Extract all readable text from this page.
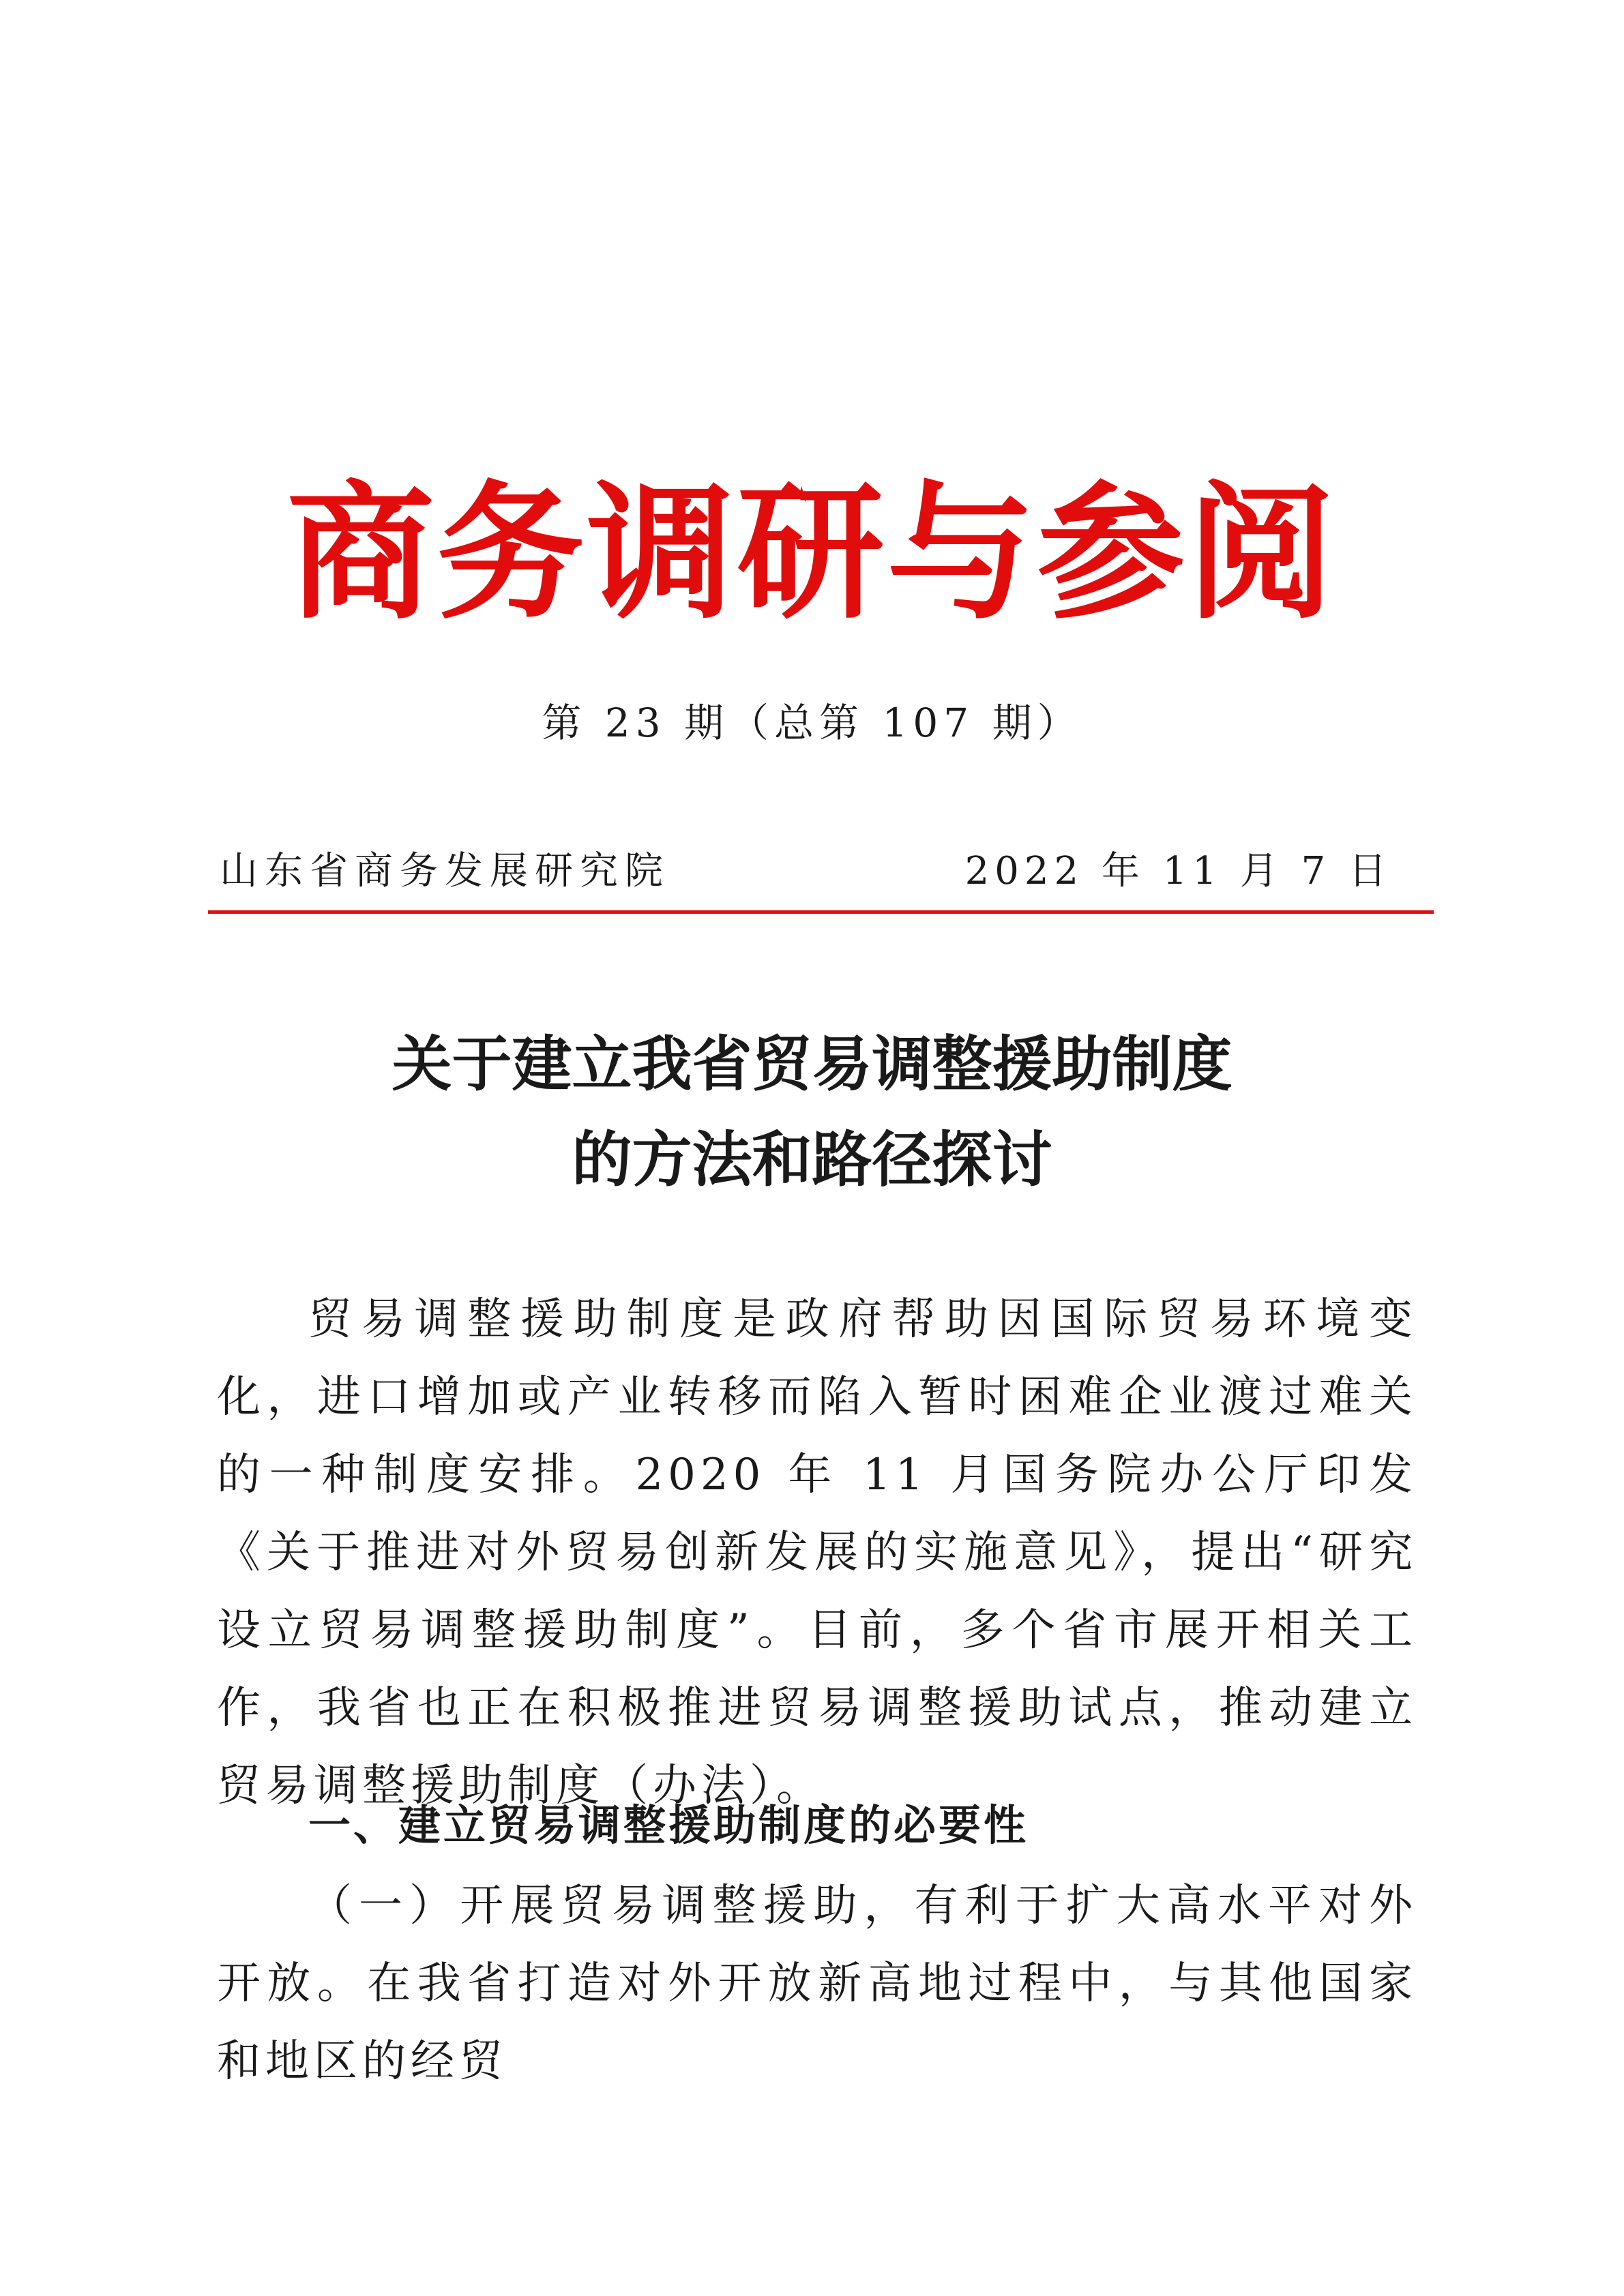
商务调研与参阅
第 23 期（总第 107 期）
山东省商务发展研究院	2022 年 11 月 7 日
关于建立我省贸易调整援助制度
的方法和路径探讨

贸易调整援助制度是政府帮助因国际贸易环境变化，进口增加或产业转移而陷入暂时困难企业渡过难关的一种制度安排。2020 年 11 月国务院办公厅印发《关于推进对外贸易创新发展的实施意见》，提出“研究设立贸易调整援助制度”。目前，多个省市展开相关工作，我省也正在积极推进贸易调整援助试点，推动建立贸易调整援助制度（办法）。

一、建立贸易调整援助制度的必要性

（一）开展贸易调整援助，有利于扩大高水平对外开放。在我省打造对外开放新高地过程中，与其他国家和地区的经贸
